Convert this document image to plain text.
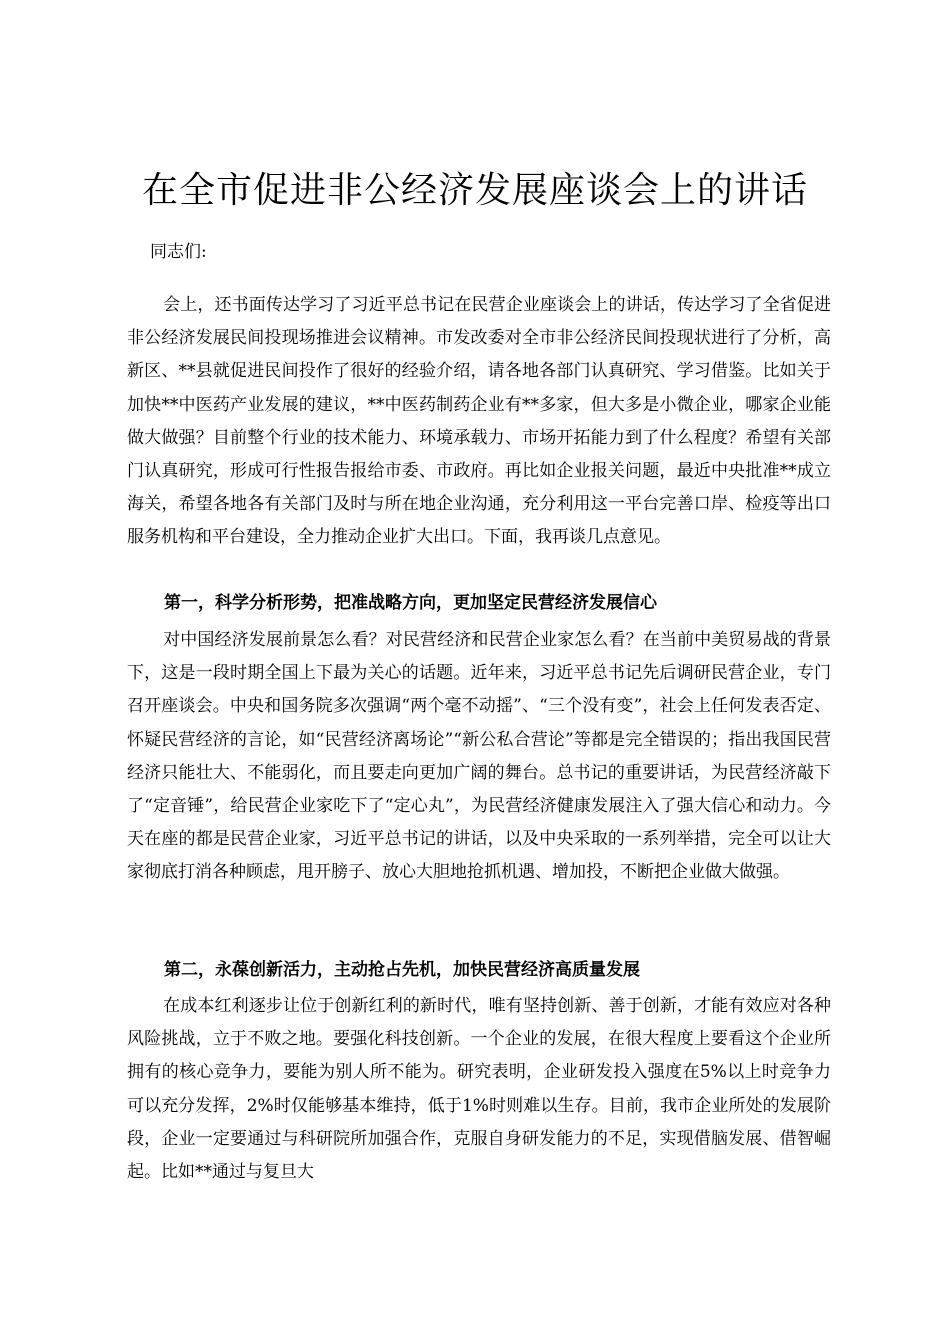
在全市促进非公经济发展座谈会上的讲话

同志们:

会上，还书面传达学习了习近平总书记在民营企业座谈会上的讲话，传达学习了全省促进非公经济发展民间投现场推进会议精神。市发改委对全市非公经济民间投现状进行了分析，高新区、**县就促进民间投作了很好的经验介绍，请各地各部门认真研究、学习借鉴。比如关于加快**中医药产业发展的建议，**中医药制药企业有**多家，但大多是小微企业，哪家企业能做大做强？目前整个行业的技术能力、环境承载力、市场开拓能力到了什么程度？希望有关部门认真研究，形成可行性报告报给市委、市政府。再比如企业报关问题，最近中央批准**成立海关，希望各地各有关部门及时与所在地企业沟通，充分利用这一平台完善口岸、检疫等出口服务机构和平台建设，全力推动企业扩大出口。下面，我再谈几点意见。

第一，科学分析形势，把准战略方向，更加坚定民营经济发展信心

对中国经济发展前景怎么看？对民营经济和民营企业家怎么看？在当前中美贸易战的背景下，这是一段时期全国上下最为关心的话题。近年来，习近平总书记先后调研民营企业，专门召开座谈会。中央和国务院多次强调“两个毫不动摇”、“三个没有变”，社会上任何发表否定、怀疑民营经济的言论，如“民营经济离场论”“新公私合营论”等都是完全错误的；指出我国民营经济只能壮大、不能弱化，而且要走向更加广阔的舞台。总书记的重要讲话，为民营经济敲下了“定音锤”，给民营企业家吃下了“定心丸”，为民营经济健康发展注入了强大信心和动力。今天在座的都是民营企业家，习近平总书记的讲话，以及中央采取的一系列举措，完全可以让大家彻底打消各种顾虑，甩开膀子、放心大胆地抢抓机遇、增加投，不断把企业做大做强。

第二，永葆创新活力，主动抢占先机，加快民营经济高质量发展

在成本红利逐步让位于创新红利的新时代，唯有坚持创新、善于创新，才能有效应对各种风险挑战，立于不败之地。要强化科技创新。一个企业的发展，在很大程度上要看这个企业所拥有的核心竞争力，要能为别人所不能为。研究表明，企业研发投入强度在5%以上时竞争力可以充分发挥，2%时仅能够基本维持，低于1%时则难以生存。目前，我市企业所处的发展阶段，企业一定要通过与科研院所加强合作，克服自身研发能力的不足，实现借脑发展、借智崛起。比如**通过与复旦大
